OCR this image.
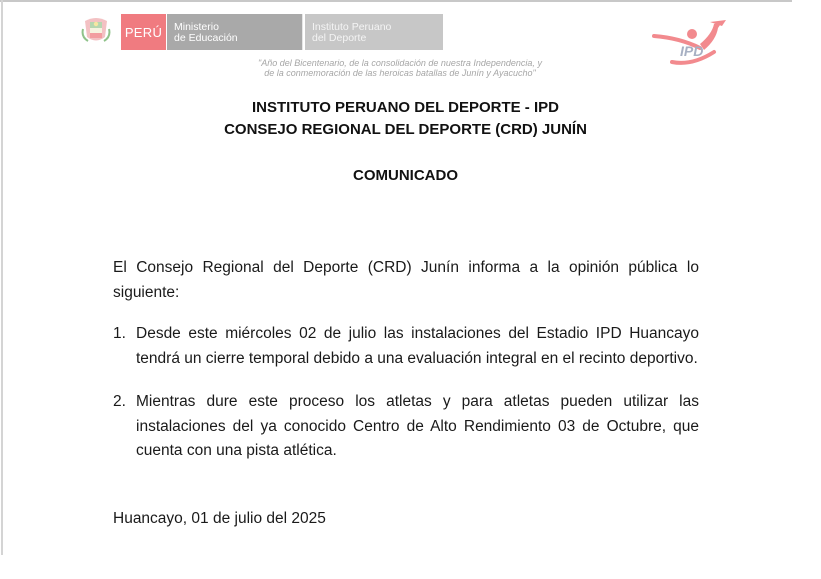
PERÚ	Ministerio
de Educación
Instituto Peruano
del Deporte
"Año del Bicentenario, de la consolidación de nuestra Independencia, y
de la conmemoración de las heroicas batallas de Junín y Ayacucho"
IPD
INSTITUTO PERUANO DEL DEPORTE - IPD
CONSEJO REGIONAL DEL DEPORTE (CRD) JUNÍN
COMUNICADO
El Consejo Regional del Deporte (CRD) Junín informa a la opinión pública lo siguiente:
1. Desde este miércoles 02 de julio las instalaciones del Estadio IPD Huancayo tendrá un cierre temporal debido a una evaluación integral en el recinto deportivo.
2. Mientras dure este proceso los atletas y para atletas pueden utilizar las instalaciones del ya conocido Centro de Alto Rendimiento 03 de Octubre, que cuenta con una pista atlética.
Huancayo, 01 de julio del 2025
